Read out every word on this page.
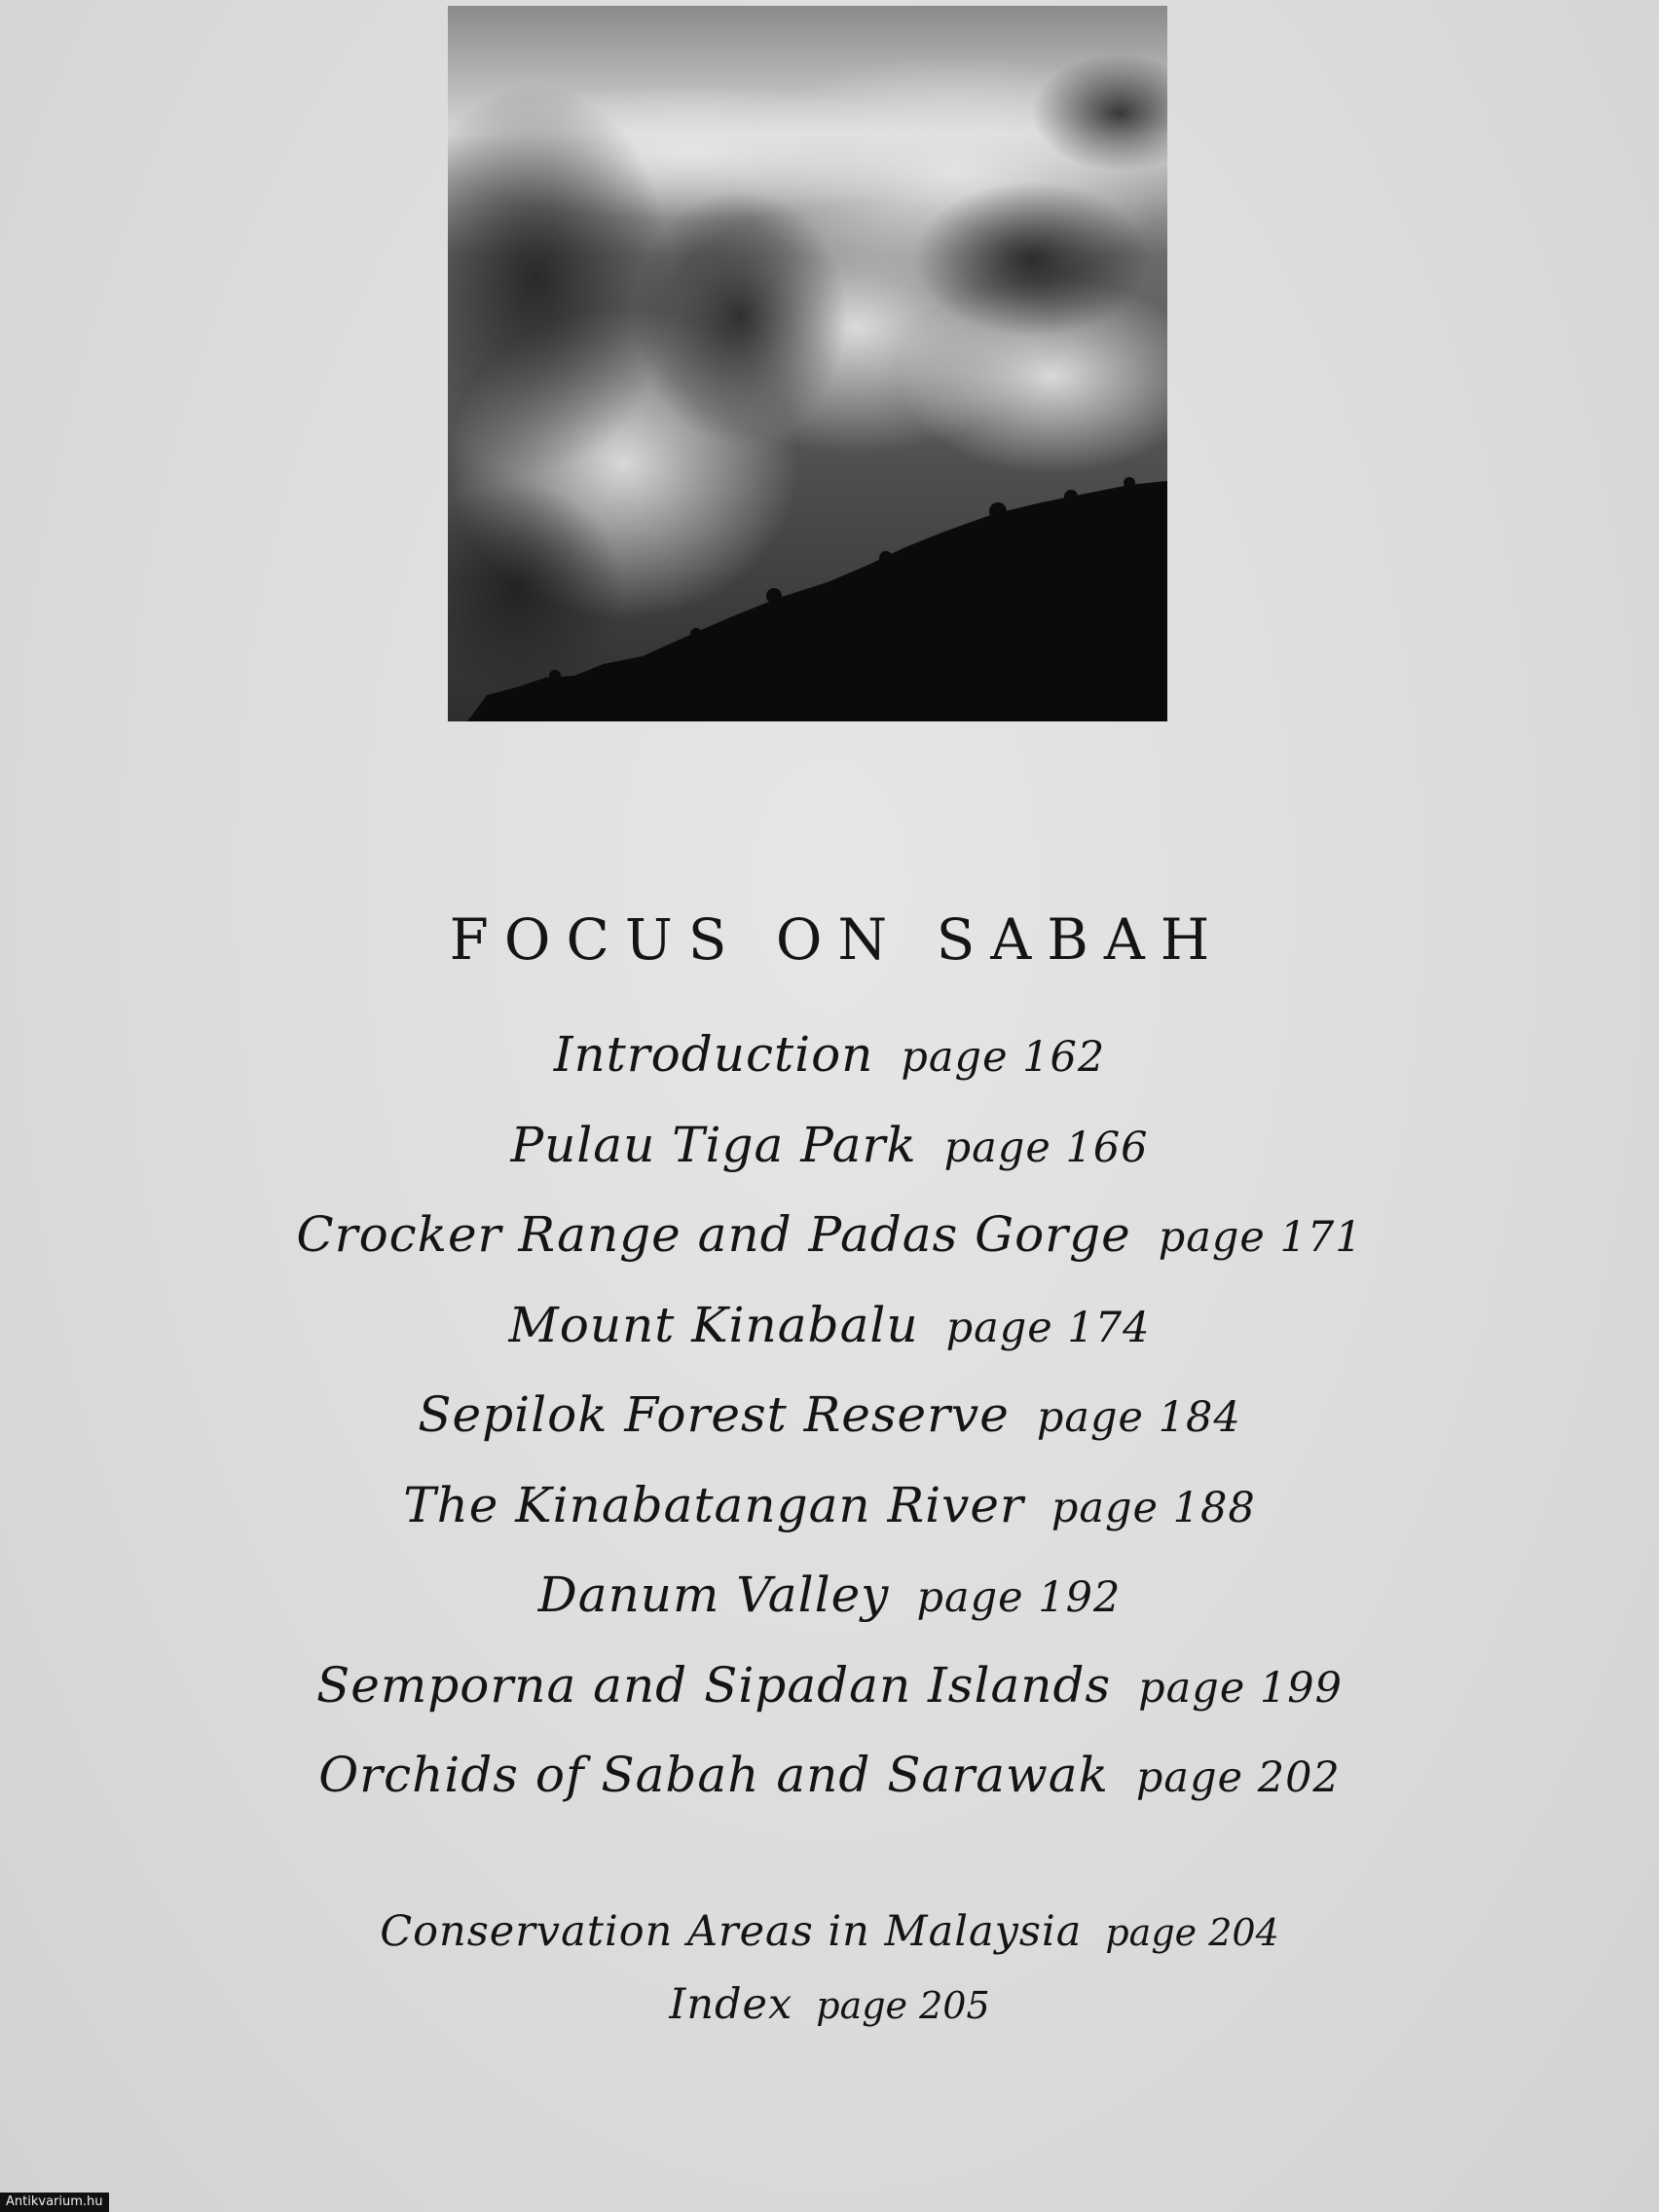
FOCUS ON SABAH
Introduction page 162
Pulau Tiga Park page 166
Crocker Range and Padas Gorge page 171
Mount Kinabalu page 174
Sepilok Forest Reserve page 184
The Kinabatangan River page 188
Danum Valley page 192
Semporna and Sipadan Islands page 199
Orchids of Sabah and Sarawak page 202
Conservation Areas in Malaysia page 204
Index page 205
Antikvarium.hu
